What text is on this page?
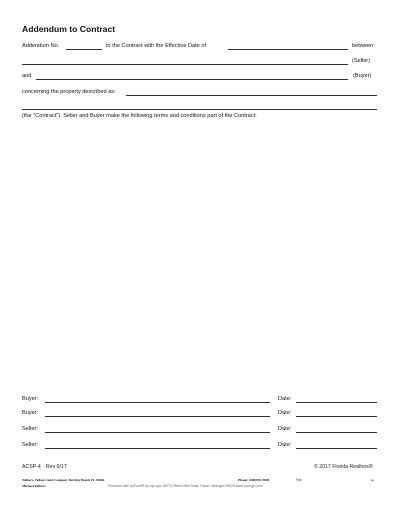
Addendum to Contract
Addendum No.	to the Contract with the Effective Date of	between
(Seller)
and	(Buyer)
concerning the property described as:
(the "Contract"). Seller and Buyer make the following terms and conditions part of the Contract:
Buyer:	Date:
Buyer:	Date:
Seller:	Date:
Seller:	Date:
ACSP-4 Rev 6/17	© 2017 Florida Realtors®
Tallsers, Tallsers And Company Del Ray Beach FL 33666
Michael Tallsers
Phone: (000)992-9849	Fax:	ss
Produced with zipForm® by zipLogix 18070 Fifteen Mile Road, Fraser, Michigan 48026 www.zipLogix.com
